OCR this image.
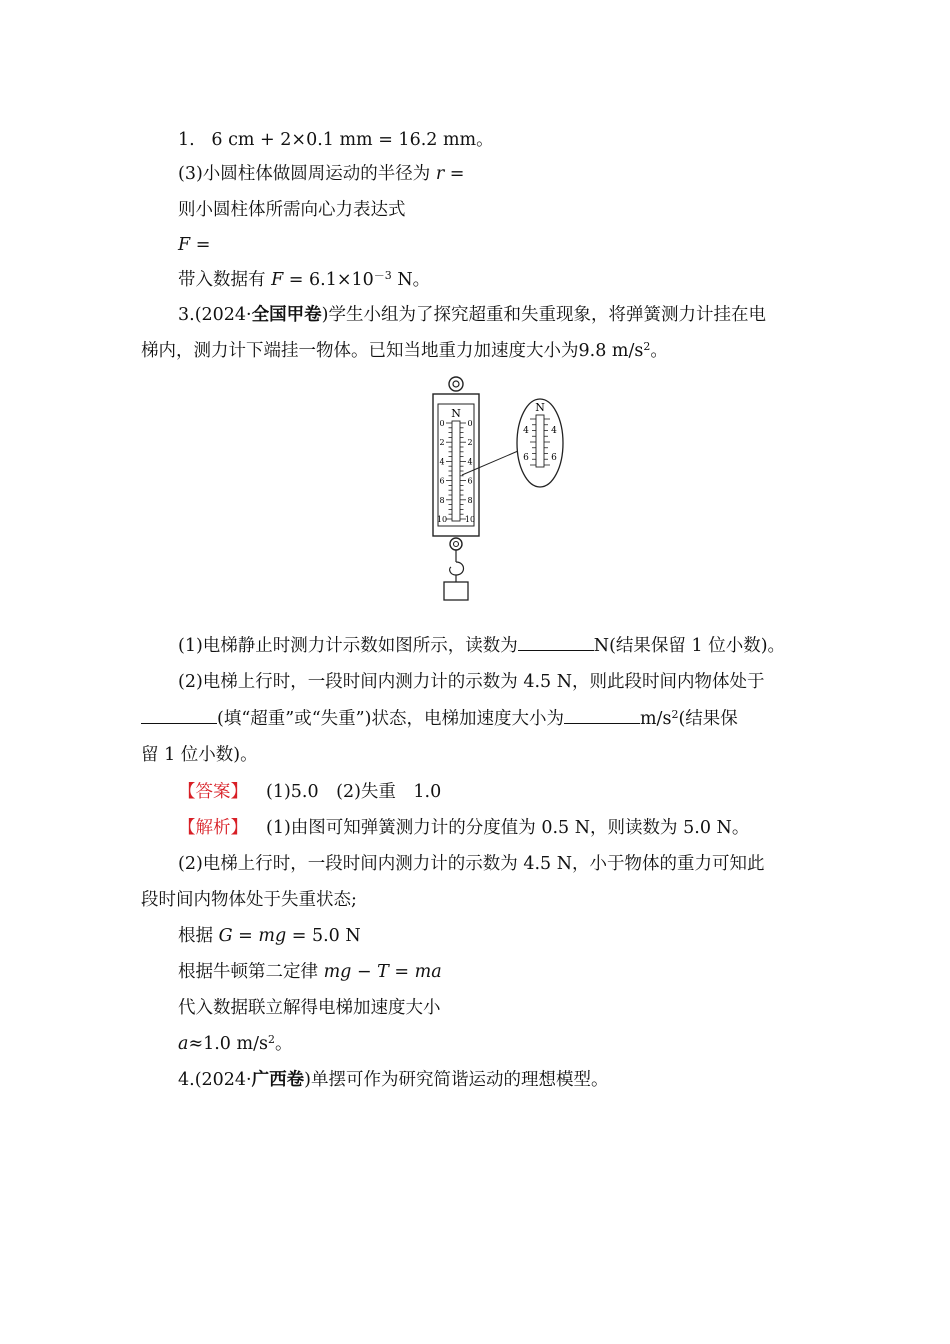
1.   6 cm + 2×0.1 mm = 16.2 mm。
(3)小圆柱体做圆周运动的半径为 r =
则小圆柱体所需向心力表达式
F =
带入数据有 $F = 6.1\times 10^{-3}$ N。
3.(2024·全国甲卷)学生小组为了探究超重和失重现象，将弹簧测力计挂在电
梯内，测力计下端挂一物体。已知当地重力加速度大小为9.8 $m/s^2$。
N
0
2
4
6
8
10
0
2
4
6
8
10
N
4 4
6 6
(1)电梯静止时测力计示数如图所示，读数为	N(结果保留 1 位小数)。
(2)电梯上行时，一段时间内测力计的示数为 4.5 N，则此段时间内物体处于
(填“超重”或“失重”)状态，电梯加速度大小为	$m/s^2$(结果保
留 1 位小数)。
【答案】 (1)5.0　(2)失重　1.0
【解析】 (1)由图可知弹簧测力计的分度值为 0.5 N，则读数为 5.0 N。
(2)电梯上行时，一段时间内测力计的示数为 4.5 N，小于物体的重力可知此
段时间内物体处于失重状态;
根据 G = mg = 5.0 N
根据牛顿第二定律 mg − T = ma
代入数据联立解得电梯加速度大小
a≈1.0 $m/s^2$。
4.(2024·广西卷)单摆可作为研究简谐运动的理想模型。
